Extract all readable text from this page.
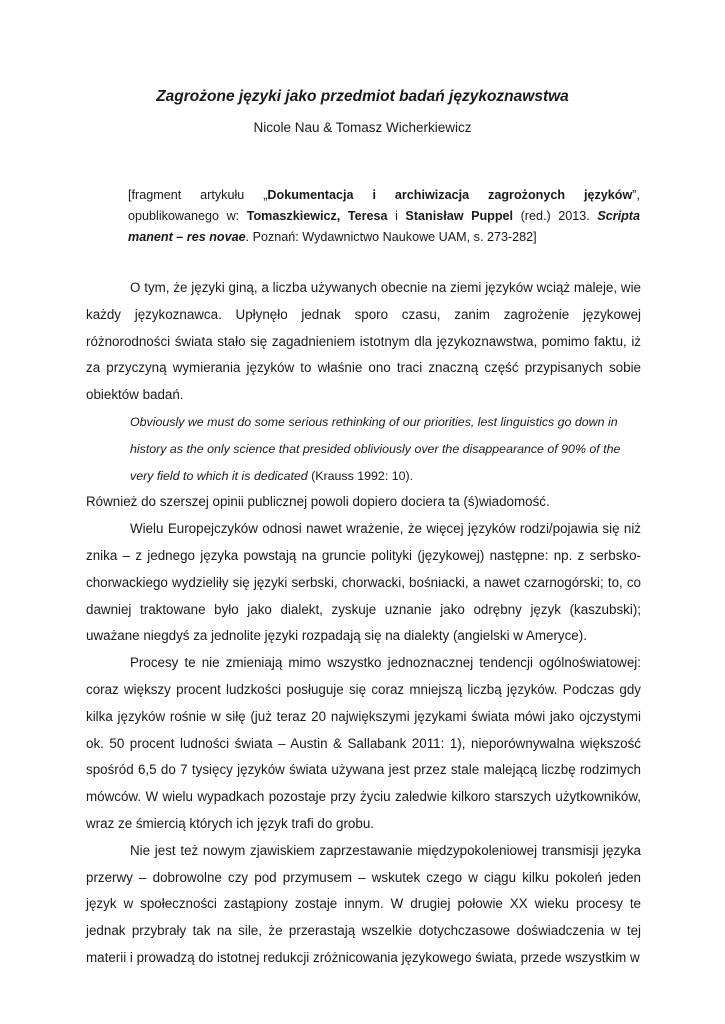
Zagrożone języki jako przedmiot badań językoznawstwa
Nicole Nau & Tomasz Wicherkiewicz
[fragment artykułu „Dokumentacja i archiwizacja zagrożonych języków”, opublikowanego w: Tomaszkiewicz, Teresa i Stanisław Puppel (red.) 2013. Scripta manent – res novae. Poznań: Wydawnictwo Naukowe UAM, s. 273-282]

O tym, że języki giną, a liczba używanych obecnie na ziemi języków wciąż maleje, wie każdy językoznawca. Upłynęło jednak sporo czasu, zanim zagrożenie językowej różnorodności świata stało się zagadnieniem istotnym dla językoznawstwa, pomimo faktu, iż za przyczyną wymierania języków to właśnie ono traci znaczną część przypisanych sobie obiektów badań.

Obviously we must do some serious rethinking of our priorities, lest linguistics go down in history as the only science that presided obliviously over the disappearance of 90% of the very field to which it is dedicated (Krauss 1992: 10).

Również do szerszej opinii publicznej powoli dopiero dociera ta (ś)wiadomość.

Wielu Europejczyków odnosi nawet wrażenie, że więcej języków rodzi/pojawia się niż znika – z jednego języka powstają na gruncie polityki (językowej) następne: np. z serbsko-chorwackiego wydzieliły się języki serbski, chorwacki, bośniacki, a nawet czarnogórski; to, co dawniej traktowane było jako dialekt, zyskuje uznanie jako odrębny język (kaszubski); uważane niegdyś za jednolite języki rozpadają się na dialekty (angielski w Ameryce).

Procesy te nie zmieniają mimo wszystko jednoznacznej tendencji ogólnoświatowej: coraz większy procent ludzkości posługuje się coraz mniejszą liczbą języków. Podczas gdy kilka języków rośnie w siłę (już teraz 20 największymi językami świata mówi jako ojczystymi ok. 50 procent ludności świata – Austin & Sallabank 2011: 1), nieporównywalna większość spośród 6,5 do 7 tysięcy języków świata używana jest przez stale malejącą liczbę rodzimych mówców. W wielu wypadkach pozostaje przy życiu zaledwie kilkoro starszych użytkowników, wraz ze śmiercią których ich język trafi do grobu.

Nie jest też nowym zjawiskiem zaprzestawanie międzypokoleniowej transmisji języka przerwy – dobrowolne czy pod przymusem – wskutek czego w ciągu kilku pokoleń jeden język w społeczności zastąpiony zostaje innym. W drugiej połowie XX wieku procesy te jednak przybrały tak na sile, że przerastają wszelkie dotychczasowe doświadczenia w tej materii i prowadzą do istotnej redukcji zróżnicowania językowego świata, przede wszystkim w
